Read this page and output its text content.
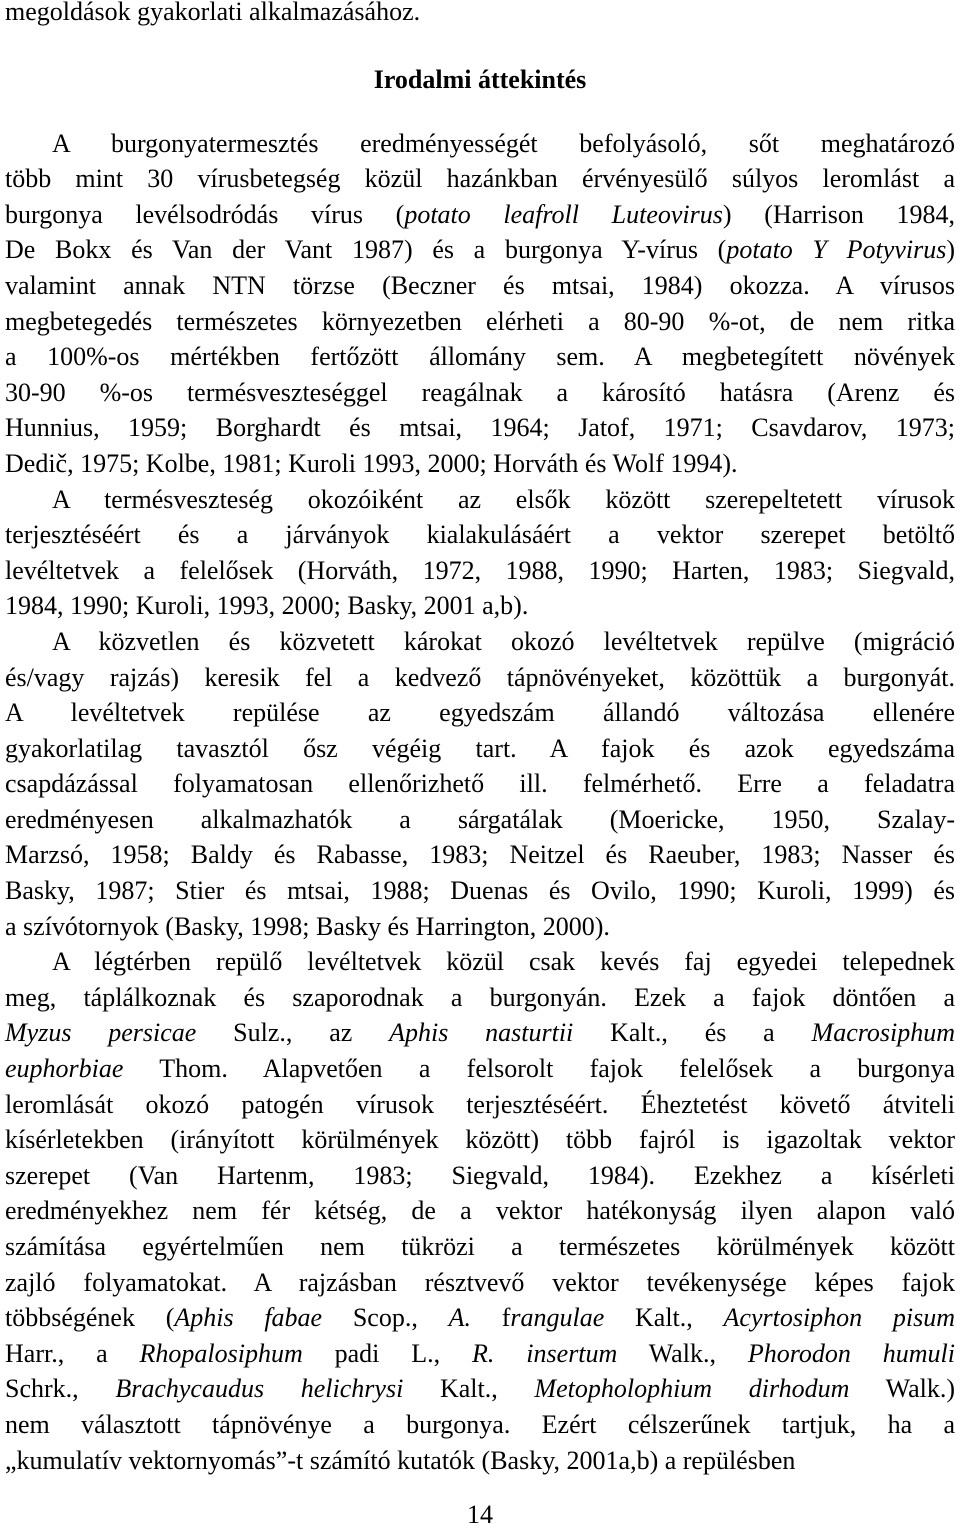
megoldások gyakorlati alkalmazásához.
Irodalmi áttekintés
A burgonyatermesztés eredményességét befolyásoló, sőt meghatározó
több mint 30 vírusbetegség közül hazánkban érvényesülő súlyos leromlást a
burgonya levélsodródás vírus (potato leafroll Luteovirus) (Harrison 1984,
De Bokx és Van der Vant 1987) és a burgonya Y-vírus (potato Y Potyvirus)
valamint annak NTN törzse (Beczner és mtsai, 1984) okozza. A vírusos
megbetegedés természetes környezetben elérheti a 80-90 %-ot, de nem ritka
a 100%-os mértékben fertőzött állomány sem. A megbetegített növények
30-90 %-os termésveszteséggel reagálnak a károsító hatásra (Arenz és
Hunnius, 1959; Borghardt és mtsai, 1964; Jatof, 1971; Csavdarov, 1973;
Dedič, 1975; Kolbe, 1981; Kuroli 1993, 2000; Horváth és Wolf 1994).
A termésveszteség okozóiként az elsők között szerepeltetett vírusok
terjesztéséért és a járványok kialakulásáért a vektor szerepet betöltő
levéltetvek a felelősek (Horváth, 1972, 1988, 1990; Harten, 1983; Siegvald,
1984, 1990; Kuroli, 1993, 2000; Basky, 2001 a,b).
A közvetlen és közvetett károkat okozó levéltetvek repülve (migráció
és/vagy rajzás) keresik fel a kedvező tápnövényeket, közöttük a burgonyát.
A levéltetvek repülése az egyedszám állandó változása ellenére
gyakorlatilag tavasztól ősz végéig tart. A fajok és azok egyedszáma
csapdázással folyamatosan ellenőrizhető ill. felmérhető. Erre a feladatra
eredményesen alkalmazhatók a sárgatálak (Moericke, 1950, Szalay-
Marzsó, 1958; Baldy és Rabasse, 1983; Neitzel és Raeuber, 1983; Nasser és
Basky, 1987; Stier és mtsai, 1988; Duenas és Ovilo, 1990; Kuroli, 1999) és
a szívótornyok (Basky, 1998; Basky és Harrington, 2000).
A légtérben repülő levéltetvek közül csak kevés faj egyedei telepednek
meg, táplálkoznak és szaporodnak a burgonyán. Ezek a fajok döntően a
Myzus persicae Sulz., az Aphis nasturtii Kalt., és a Macrosiphum
euphorbiae Thom. Alapvetően a felsorolt fajok felelősek a burgonya
leromlását okozó patogén vírusok terjesztéséért. Éheztetést követő átviteli
kísérletekben (irányított körülmények között) több fajról is igazoltak vektor
szerepet (Van Hartenm, 1983; Siegvald, 1984). Ezekhez a kísérleti
eredményekhez nem fér kétség, de a vektor hatékonyság ilyen alapon való
számítása egyértelműen nem tükrözi a természetes körülmények között
zajló folyamatokat. A rajzásban résztvevő vektor tevékenysége képes fajok
többségének (Aphis fabae Scop., A. frangulae Kalt., Acyrtosiphon pisum
Harr., a Rhopalosiphum padi L., R. insertum Walk., Phorodon humuli
Schrk., Brachycaudus helichrysi Kalt., Metopholophium dirhodum Walk.)
nem választott tápnövénye a burgonya. Ezért célszerűnek tartjuk, ha a
„kumulatív vektornyomás”-t számító kutatók (Basky, 2001a,b) a repülésben
14
